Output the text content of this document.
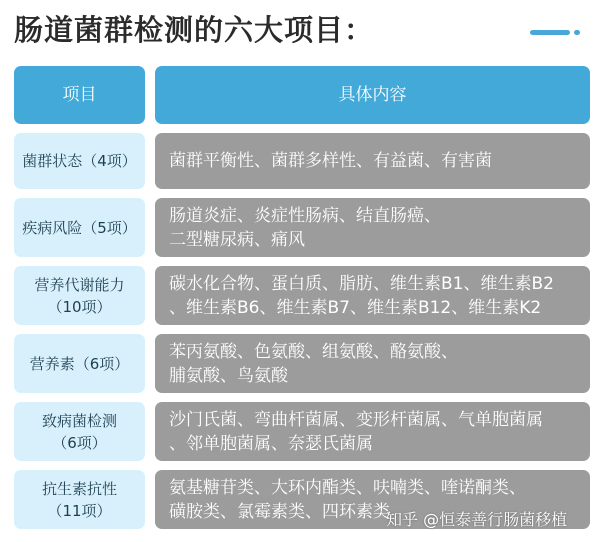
肠道菌群检测的六大项目：
项目	具体内容
菌群状态（4项） 菌群平衡性、菌群多样性、有益菌、有害菌
疾病风险（5项）
肠道炎症、炎症性肠病、结直肠癌、
二型糖尿病、痛风
营养代谢能力
（10项）
碳水化合物、蛋白质、脂肪、维生素B1、维生素B2
、维生素B6、维生素B7、维生素B12、维生素K2
营养素（6项）
苯丙氨酸、色氨酸、组氨酸、酪氨酸、
脯氨酸、鸟氨酸
致病菌检测
（6项）
沙门氏菌、弯曲杆菌属、变形杆菌属、气单胞菌属
、邻单胞菌属、奈瑟氏菌属
抗生素抗性
（11项）
氨基糖苷类、大环内酯类、呋喃类、喹诺酮类、
磺胺类、氯霉素类、四环素类
知乎 @恒泰善行肠菌移植
